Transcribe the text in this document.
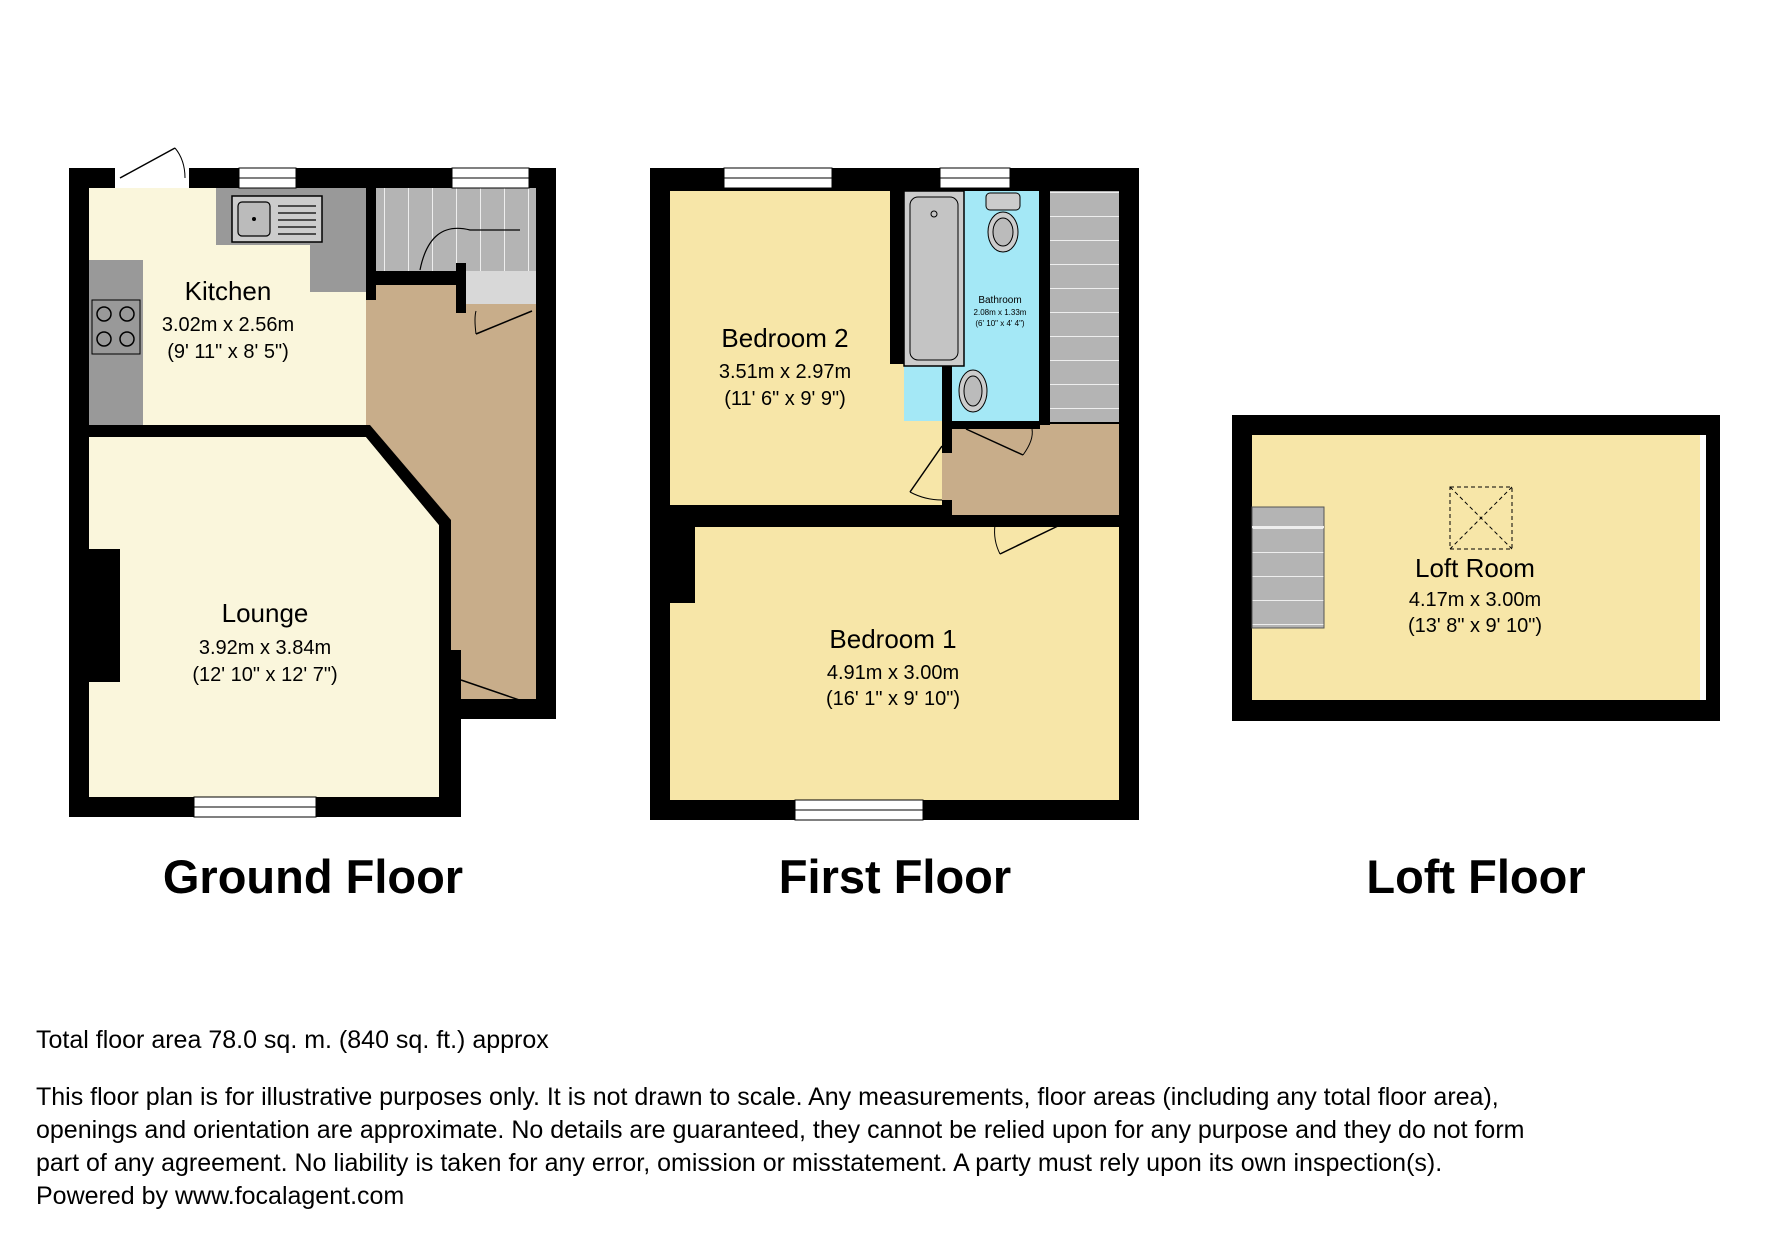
Kitchen
3.02m x 2.56m
(9' 11" x 8' 5")
Lounge
3.92m x 3.84m
(12' 10" x 12' 7")
Ground Floor
Bedroom 2
3.51m x 2.97m
(11' 6" x 9' 9")
Bathroom
2.08m x 1.33m
(6' 10" x 4' 4")
Bedroom 1
4.91m x 3.00m
(16' 1" x 9' 10")
First Floor
Loft Room
4.17m x 3.00m
(13' 8" x 9' 10")
Loft Floor
Total floor area 78.0 sq. m. (840 sq. ft.) approx
This floor plan is for illustrative purposes only. It is not drawn to scale. Any measurements, floor areas (including any total floor area),
openings and orientation are approximate. No details are guaranteed, they cannot be relied upon for any purpose and they do not form
part of any agreement. No liability is taken for any error, omission or misstatement. A party must rely upon its own inspection(s).
Powered by www.focalagent.com
